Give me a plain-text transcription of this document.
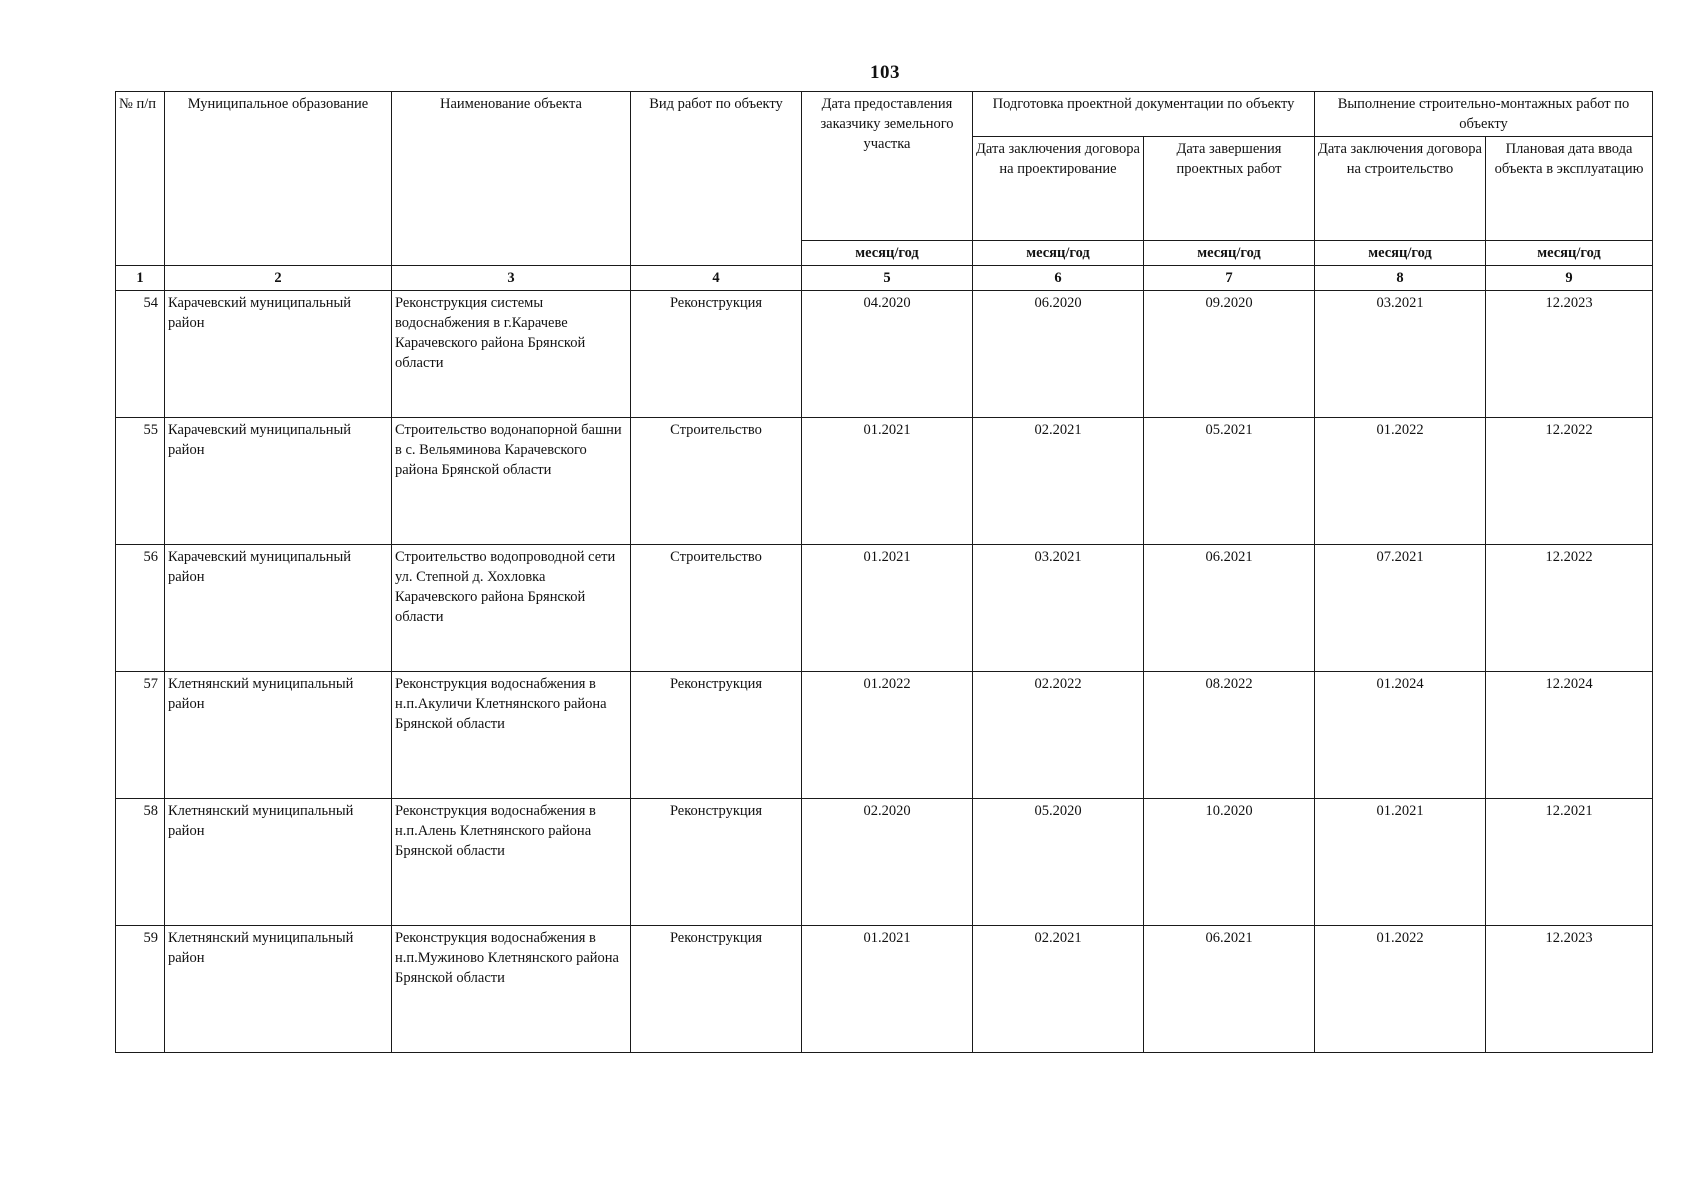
103
№ п/п	Муниципальное образование	Наименование объекта	Вид работ по объекту	Дата предоставления заказчику земельного участка	Подготовка проектной документации по объекту		Выполнение строительно-монтажных работ по объекту	
					Дата заключения договора на проектирование	Дата завершения проектных работ	Дата заключения договора на строительство	Плановая дата ввода объекта в эксплуатацию
				месяц/год	месяц/год	месяц/год	месяц/год	месяц/год
1	2	3	4	5	6	7	8	9
54	Карачевский муниципальный район	Реконструкция системы водоснабжения в г.Карачеве Карачевского района Брянской области	Реконструкция	04.2020	06.2020	09.2020	03.2021	12.2023
55	Карачевский муниципальный район	Строительство водонапорной башни в с. Вельяминова Карачевского района Брянской области	Строительство	01.2021	02.2021	05.2021	01.2022	12.2022
56	Карачевский муниципальный район	Строительство водопроводной сети ул. Степной д. Хохловка Карачевского района Брянской области	Строительство	01.2021	03.2021	06.2021	07.2021	12.2022
57	Клетнянский муниципальный район	Реконструкция водоснабжения в н.п.Акуличи Клетнянского района Брянской области	Реконструкция	01.2022	02.2022	08.2022	01.2024	12.2024
58	Клетнянский муниципальный район	Реконструкция водоснабжения в н.п.Алень Клетнянского района Брянской области	Реконструкция	02.2020	05.2020	10.2020	01.2021	12.2021
59	Клетнянский муниципальный район	Реконструкция водоснабжения в н.п.Мужиново Клетнянского района Брянской области	Реконструкция	01.2021	02.2021	06.2021	01.2022	12.2023
